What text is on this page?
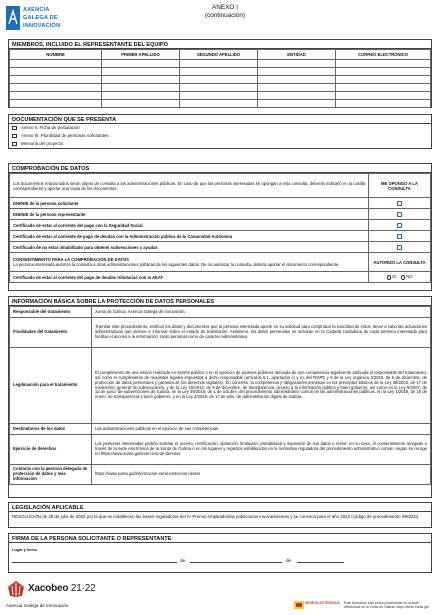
AXENCIA
GALEGA DE
INNOVACIÓN
ANEXO I
(continuación)
MIEMBROS, INCLUIDO EL REPRESENTANTE DEL EQUIPO
NOMBRE	PRIMER APELLIDO	SEGUNDO APELLIDO	ENTIDAD	CORREO ELECTRÓNICO

DOCUMENTACIÓN QUE SE PRESENTA
Anexo II. Ficha de postulación
Anexo III. Pluralidad de personas solicitantes
Memoria del proyecto
COMPROBACIÓN DE DATOS
Los documentos relacionados serán objeto de consulta a las administraciones públicas. En caso de que las personas interesadas se opongan a esta consulta, deberán indicarlo en la casilla correspondiente y aportar una copia de los documentos.	ME OPONGO A LA CONSULTA
DNI/NIE de la persona solicitante	
DNI/NIE de la persona representante	
Certificado de estar al corriente del pago con la Seguridad Social	
Certificado de estar al corriente de pago de deudas con la Administración pública de la Comunidad Autónoma	
Certificado de no estar inhabilitado para obtener subvenciones y ayudas	

CONSENTIMIENTO PARA LA COMPROBACIÓN DE DATOS
La persona interesada autoriza la consulta a otras administraciones públicas de los siguientes datos. De no autorizar la consulta, deberá aportar el documento correspondiente.	AUTORIZO LA CONSULTA
Certificado de estar al corriente del pago de deudas tributarias con la AEAT	SÍ NO
INFORMACIÓN BÁSICA SOBRE LA PROTECCIÓN DE DATOS PERSONALES
Responsable del tratamiento	Xunta de Galicia. Axencia Galega de Innovación.
Finalidades del tratamiento	Tramitar este procedimiento, verificar los datos y documentos que la persona interesada aporte en su solicitud para comprobar la exactitud de estos, llevar a cabo las actuaciones administrativas que deriven e informar sobre el estado de tramitación. Asimismo, los datos personales se incluirán en la Carpeta ciudadana de cada persona interesada para facilitar el acceso a la información, tanto personal como de carácter administrativo.
Legitimación para el tratamiento	El cumplimiento de una misión realizada en interés público o en el ejercicio de poderes públicos derivada de una competencia legalmente atribuida al responsable del tratamiento, así como el cumplimiento de requisitos legales impuestos a dicho responsable (artículos 6.1, apartados c) y e), del RGPD y 8 de la Ley orgánica 3/2018, de 5 de diciembre, de protección de datos personales y garantía de los derechos digitales). En concreto, la competencia y obligaciones previstas en los preceptos básicos de la Ley 38/2003, de 17 de noviembre, general de subvenciones, y de la Ley 19/2013, de 9 de diciembre, de transparencia, acceso a la información pública y buen gobierno, así como en la Ley 9/2007, de 13 de junio, de subvenciones de Galicia, en la Ley 39/2015, de 1 de octubre, del procedimiento administrativo común de las administraciones públicas, en la Ley 1/2016, de 18 de enero, de transparencia y buen gobierno, y en la Ley 4/2019, de 17 de julio, de administración digital de Galicia.
Destinatarios de los datos	Las administraciones públicas en el ejercicio de sus competencias.
Ejercicio de derechos	Las personas interesadas podrán solicitar el acceso, rectificación, oposición, limitación, portabilidad y supresión de sus datos o retirar, en su caso, el consentimiento otorgado a través de la sede electrónica de la Xunta de Galicia o en los lugares y registros establecidos en la normativa reguladora del procedimiento administrativo común, según se recoge en https://www.xunta.gal/exercicio-de-dereitos
Contacto con la persona delegada de protección de datos y más información	https://www.xunta.gal/informacion-xeral-proteccion-datos
LEGISLACIÓN APLICABLE
RESOLUCIÓN de 29 de julio de 2022 por la que se establecen las bases reguladoras del IV Premio empleados/as públicos/as innovadores/as y se convoca para el año 2022 (código de procedimiento IN822D).
FIRMA DE LA PERSONA SOLICITANTE O REPRESENTANTE
Lugar y fecha
de	de
Xacobeo 21·22
Axencia Galega de Innovación	SEDE ELECTRÓNICA Este formulario sólo podrá presentarse en la sede electrónica de la Xunta de Galicia. https://sede.xunta.gal
